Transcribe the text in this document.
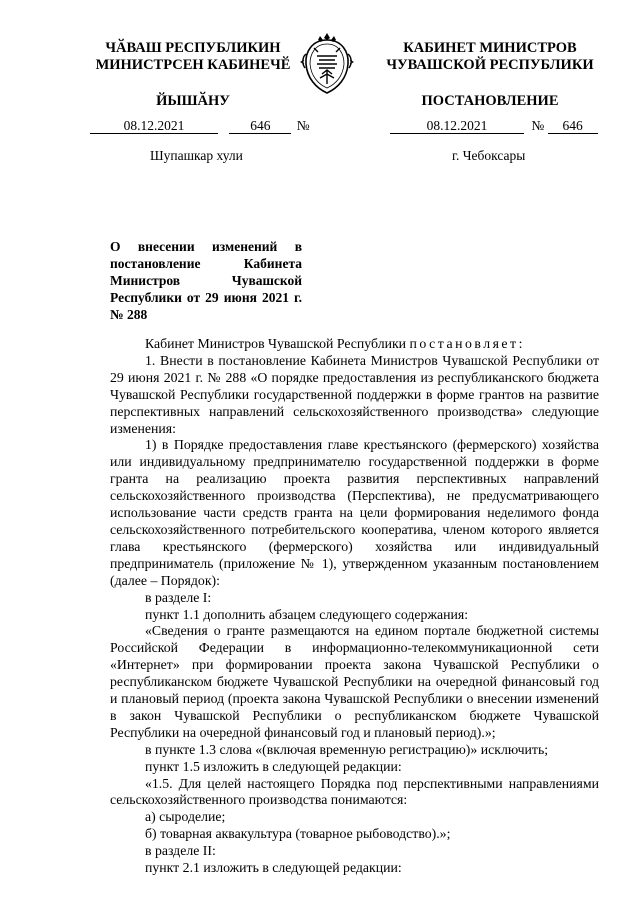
ЧӐВАШ РЕСПУБЛИКИН
МИНИСТРСЕН КАБИНЕЧӖ
ЙЫШӐНУ
КАБИНЕТ МИНИСТРОВ
ЧУВАШСКОЙ РЕСПУБЛИКИ
ПОСТАНОВЛЕНИЕ
08.12.2021	646 №	08.12.2021	№ 646
Шупашкар хули	г. Чебоксары
О внесении изменений в постановление Кабинета Министров Чувашской Республики от 29 июня 2021 г. № 288

Кабинет Министров Чувашской Республики постановляет:

1. Внести в постановление Кабинета Министров Чувашской Республики от 29 июня 2021 г. № 288 «О порядке предоставления из республиканского бюджета Чувашской Республики государственной поддержки в форме грантов на развитие перспективных направлений сельскохозяйственного производства» следующие изменения:

1) в Порядке предоставления главе крестьянского (фермерского) хозяйства или индивидуальному предпринимателю государственной поддержки в форме гранта на реализацию проекта развития перспективных направлений сельскохозяйственного производства (Перспектива), не предусматривающего использование части средств гранта на цели формирования неделимого фонда сельскохозяйственного потребительского кооператива, членом которого является глава крестьянского (фермерского) хозяйства или индивидуальный предприниматель (приложение № 1), утвержденном указанным постановлением (далее – Порядок):

в разделе I:

пункт 1.1 дополнить абзацем следующего содержания:

«Сведения о гранте размещаются на едином портале бюджетной системы Российской Федерации в информационно-телекоммуникационной сети «Интернет» при формировании проекта закона Чувашской Республики о республиканском бюджете Чувашской Республики на очередной финансовый год и плановый период (проекта закона Чувашской Республики о внесении изменений в закон Чувашской Республики о республиканском бюджете Чувашской Республики на очередной финансовый год и плановый период).»;

в пункте 1.3 слова «(включая временную регистрацию)» исключить;

пункт 1.5 изложить в следующей редакции:

«1.5. Для целей настоящего Порядка под перспективными направлениями сельскохозяйственного производства понимаются:

а) сыроделие;

б) товарная аквакультура (товарное рыбоводство).»;

в разделе II:

пункт 2.1 изложить в следующей редакции:
